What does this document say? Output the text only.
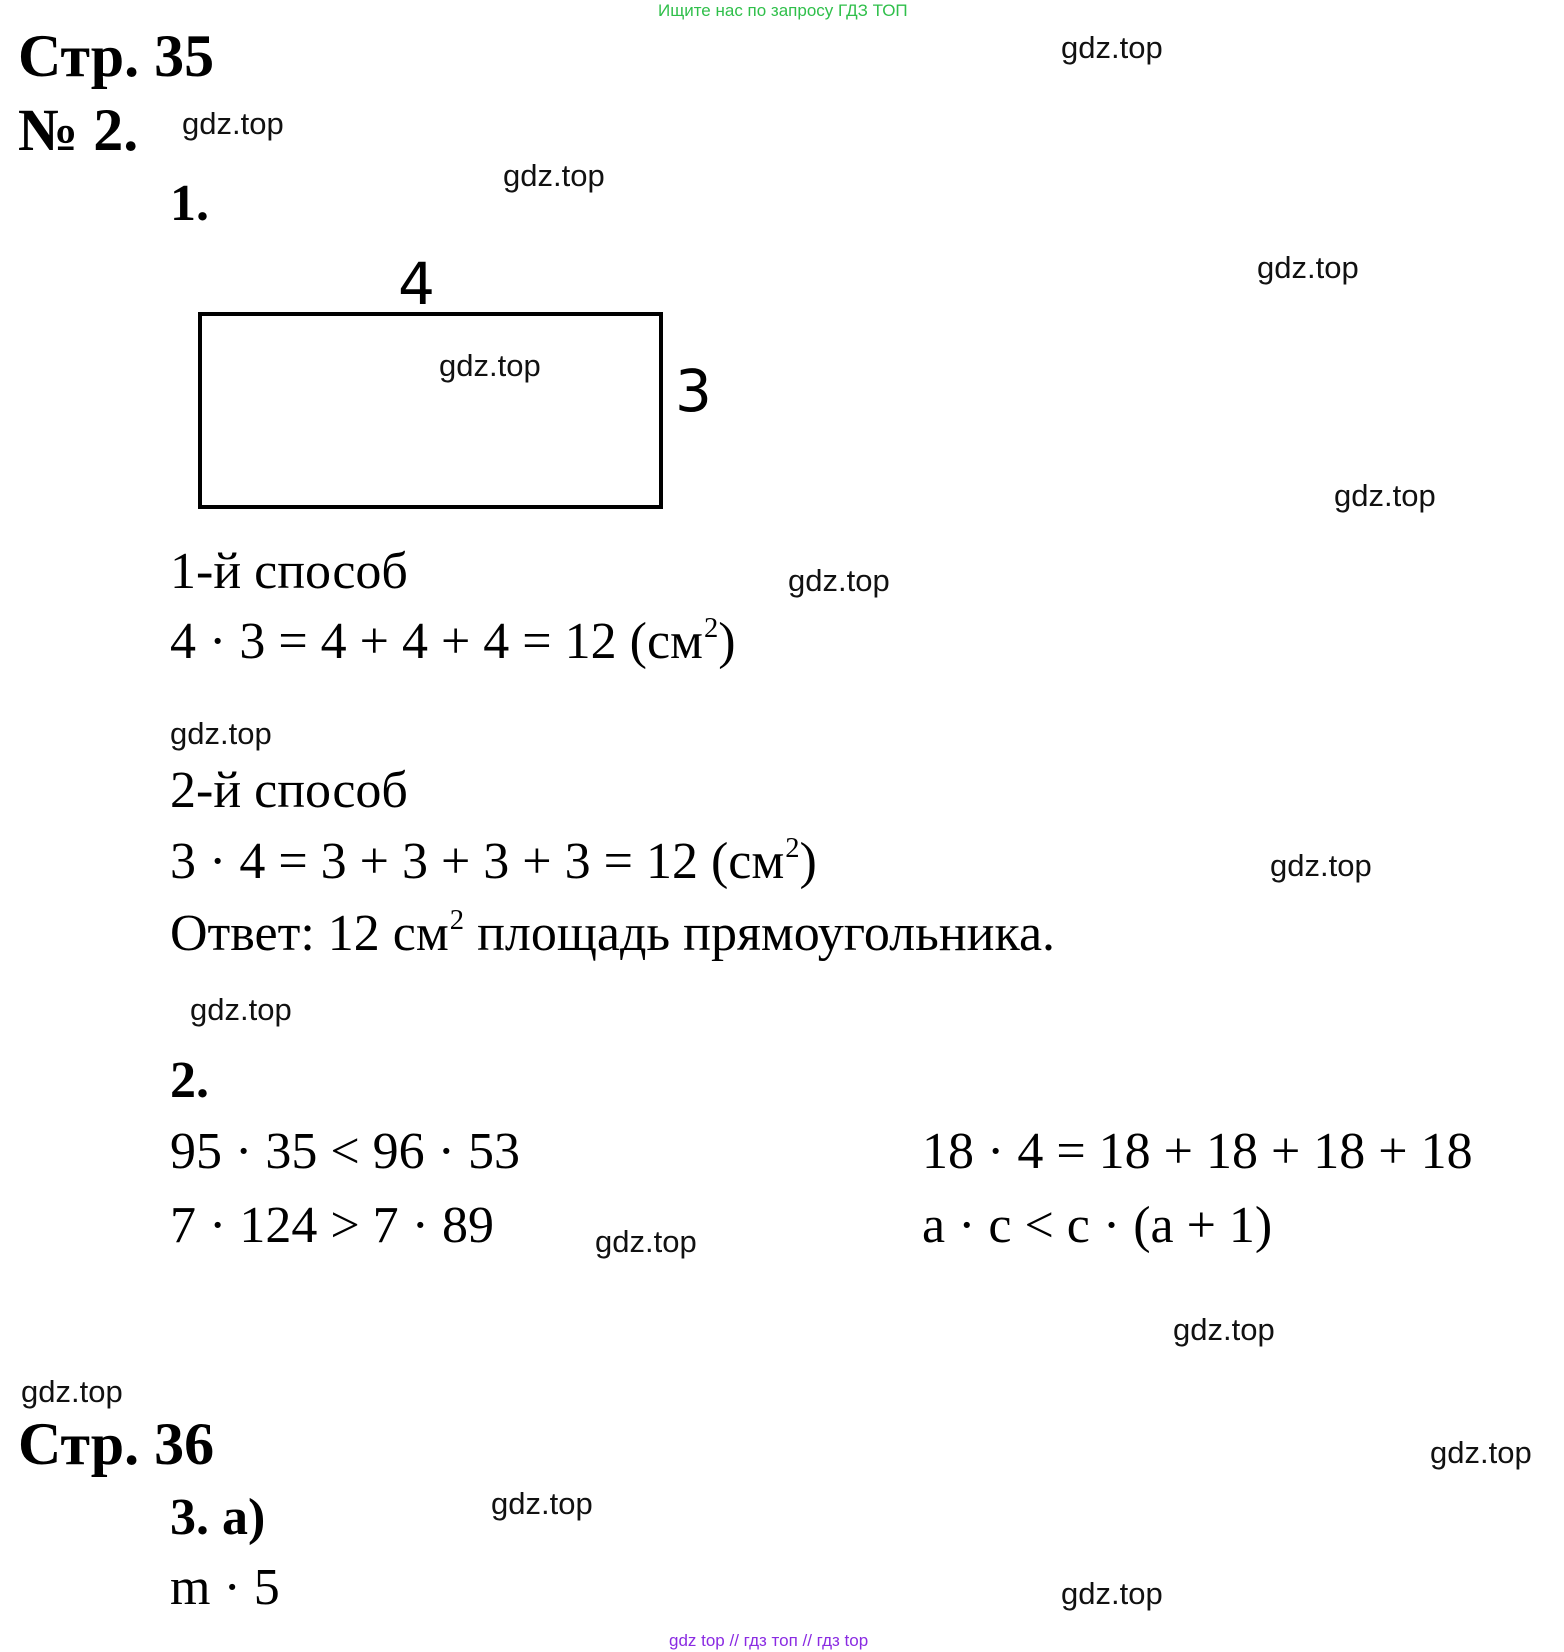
Ищите нас по запросу ГДЗ ТОП
Стр. 35
№ 2.
1.
4
3
1-й способ
4 · 3 = 4 + 4 + 4 = 12 $(см^2)$
2-й способ
3 · 4 = 3 + 3 + 3 + 3 = 12 $(см^2)$
Ответ: 12 $см^2$ площадь прямоугольника.
2.
95 · 35 < 96 · 53
7 · 124 > 7 · 89
18 · 4 = 18 + 18 + 18 + 18
a · c < c · (a + 1)
Стр. 36
3. а)
m · 5
gdz.top
gdz.top
gdz.top
gdz.top
gdz.top
gdz.top
gdz.top
gdz.top
gdz.top
gdz.top
gdz.top
gdz.top
gdz.top
gdz.top
gdz.top
gdz.top
gdz top // гдз топ // гдз top
